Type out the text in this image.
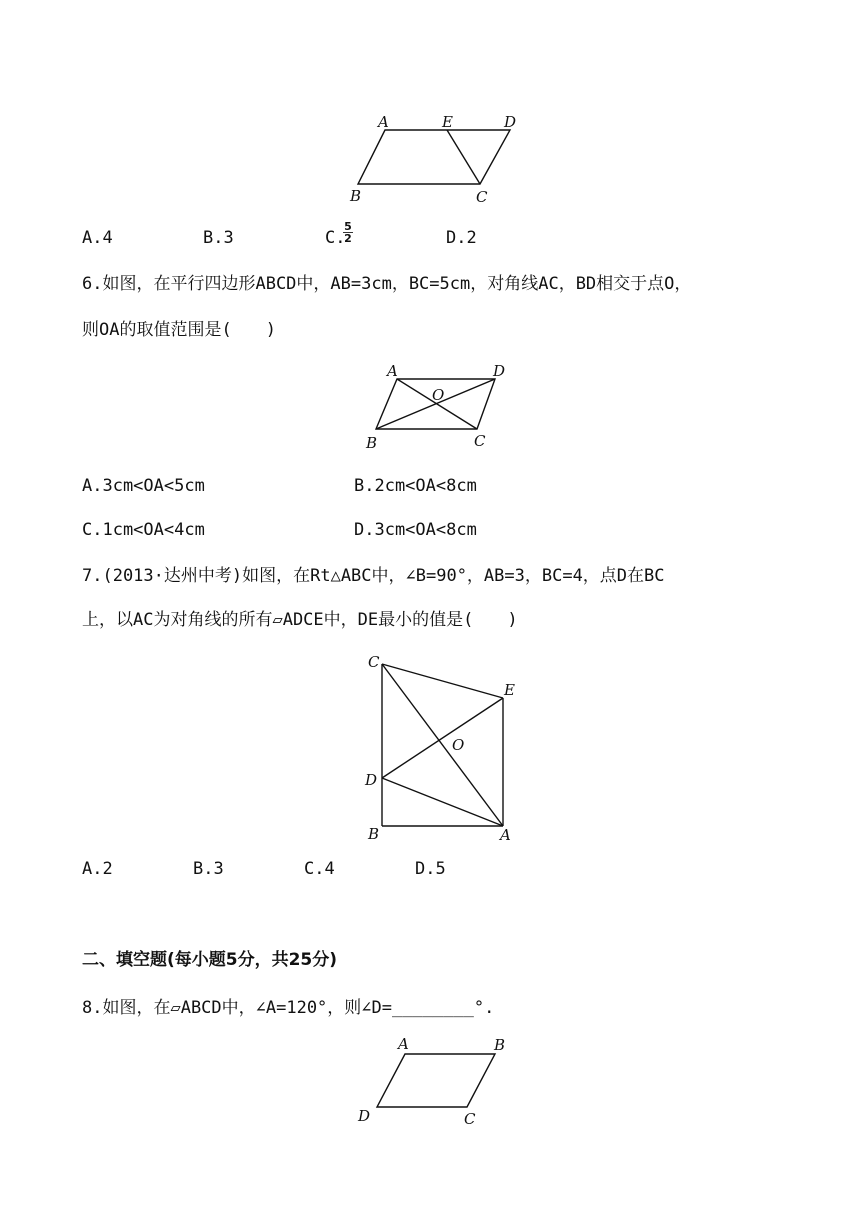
A	E	D
B	C
A.4	B.3	C.
$\frac{5}{2}$	D.2
6.如图，在平行四边形ABCD中，AB=3cm，BC=5cm，对角线AC，BD相交于点O，
则OA的取值范围是(　　)
A	D
O
B	C
A.3cm<OA<5cm	B.2cm<OA<8cm
C.1cm<OA<4cm	D.3cm<OA<8cm
7.(2013·达州中考)如图，在Rt△ABC中，∠B=90°，AB=3，BC=4，点D在BC
上，以AC为对角线的所有▱ADCE中，DE最小的值是(　　)
C
E
O
D
B	A
A.2	B.3	C.4	D.5
二、填空题(每小题5分，共25分)
8.如图，在▱ABCD中，∠A=120°，则∠D=________°.
A	B
D	C
